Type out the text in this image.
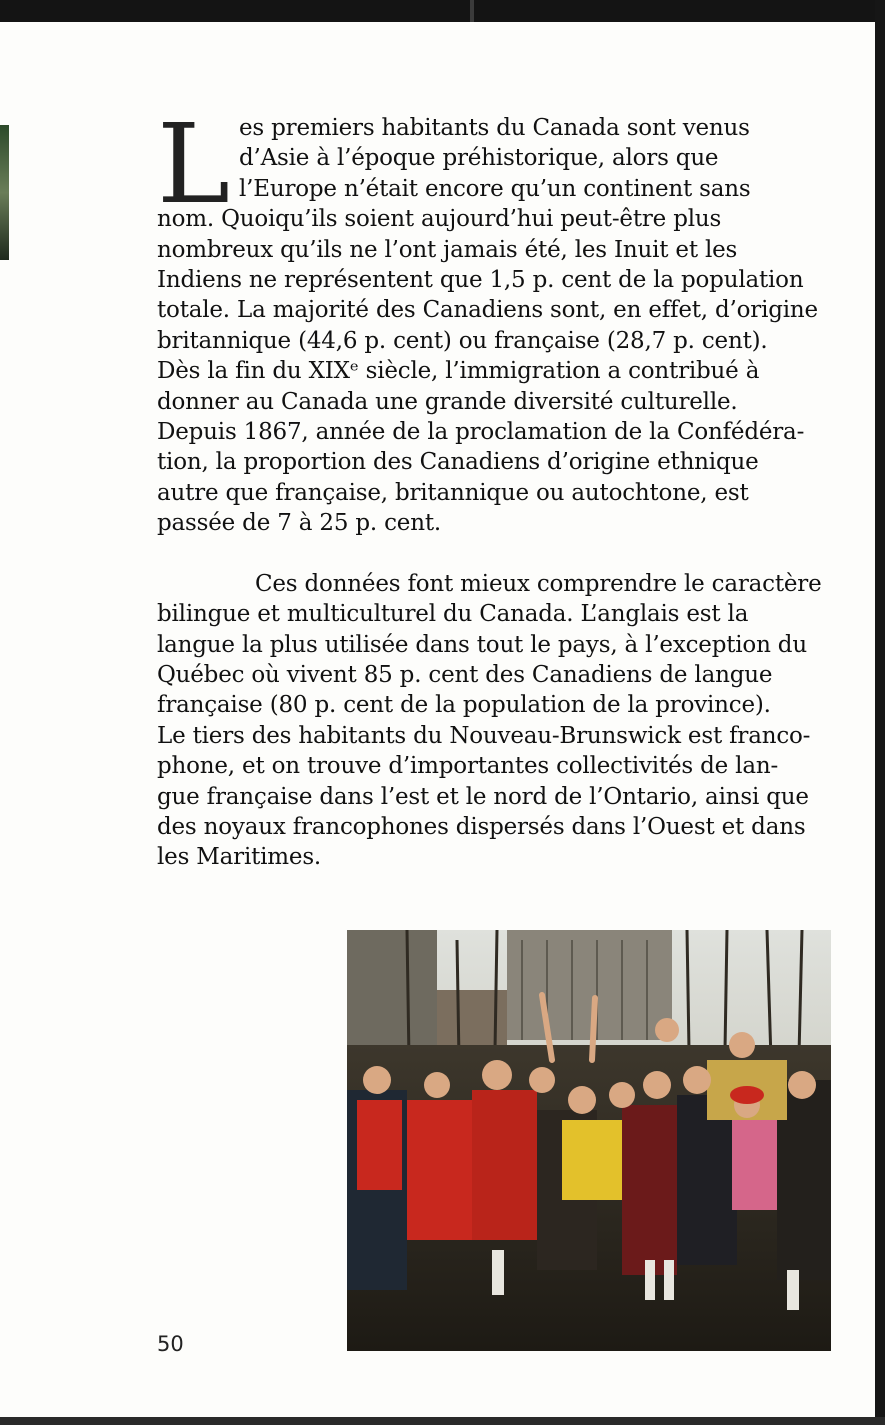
L es premiers habitants du Canada sont venus
d’Asie à l’époque préhistorique, alors que
l’Europe n’était encore qu’un continent sans
nom. Quoiqu’ils soient aujourd’hui peut-être plus
nombreux qu’ils ne l’ont jamais été, les Inuit et les
Indiens ne représentent que 1,5 p. cent de la population
totale. La majorité des Canadiens sont, en effet, d’origine
britannique (44,6 p. cent) ou française (28,7 p. cent).
Dès la fin du XIXᵉ siècle, l’immigration a contribué à
donner au Canada une grande diversité culturelle.
Depuis 1867, année de la proclamation de la Confédéra-
tion, la proportion des Canadiens d’origine ethnique
autre que française, britannique ou autochtone, est
passée de 7 à 25 p. cent.
Ces données font mieux comprendre le caractère
bilingue et multiculturel du Canada. L’anglais est la
langue la plus utilisée dans tout le pays, à l’exception du
Québec où vivent 85 p. cent des Canadiens de langue
française (80 p. cent de la population de la province).
Le tiers des habitants du Nouveau-Brunswick est franco-
phone, et on trouve d’importantes collectivités de lan-
gue française dans l’est et le nord de l’Ontario, ainsi que
des noyaux francophones dispersés dans l’Ouest et dans
les Maritimes.
50
